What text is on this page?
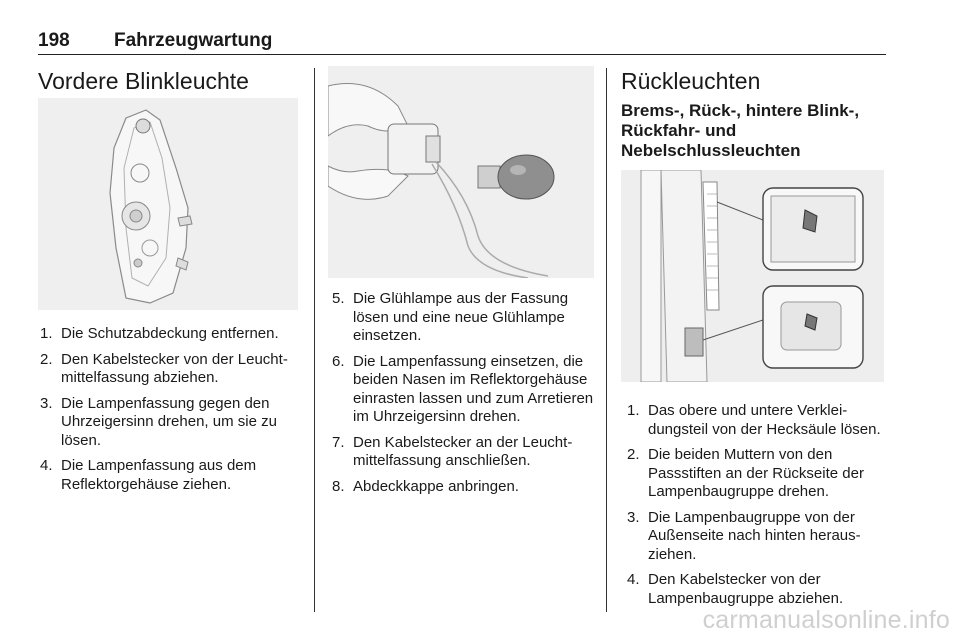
198 Fahrzeugwartung
Vordere Blinkleuchte
1. Die Schutzabdeckung entfernen.
2. Den Kabelstecker von der Leuchtmittelfassung abziehen.
3. Die Lampenfassung gegen den Uhrzeigersinn drehen, um sie zu lösen.
4. Die Lampenfassung aus dem Reflektorgehäuse ziehen.
5. Die Glühlampe aus der Fassung lösen und eine neue Glühlampe einsetzen.
6. Die Lampenfassung einsetzen, die beiden Nasen im Reflektorgehäuse einrasten lassen und zum Arretieren im Uhrzeigersinn drehen.
7. Den Kabelstecker an der Leuchtmittelfassung anschließen.
8. Abdeckkappe anbringen.
Rückleuchten
Brems-, Rück-, hintere Blink-,
Rückfahr- und
Nebelschlussleuchten
1. Das obere und untere Verkleidungsteil von der Hecksäule lösen.
2. Die beiden Muttern von den Passstiften an der Rückseite der Lampenbaugruppe drehen.
3. Die Lampenbaugruppe von der Außenseite nach hinten herausziehen.
4. Den Kabelstecker von der Lampenbaugruppe abziehen.
carmanualsonline.info
